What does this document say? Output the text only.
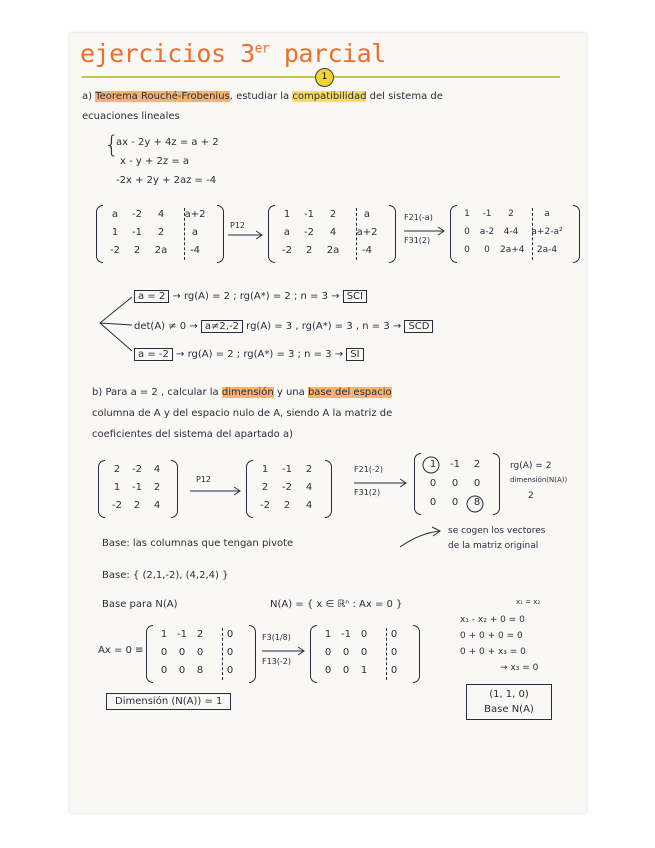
ejercicios 3er parcial
1
a) Teorema Rouché-Frobenius, estudiar la compatibilidad del sistema de
ecuaciones lineales
{
ax - 2y + 4z = a + 2
x - y + 2z = a
-2x + 2y + 2az = -4
a	-2	4	a+2
1	-1	2	a
-2	2	2a	-4
P12
1	-1	2	a
a	-2	4	a+2
-2	2	2a	-4
F21(-a)
F31(2)
1	-1	2	a
0	a-2	4-4	a+2-a²
0	0	2a+4	2a-4
a = 2 → rg(A) = 2 ; rg(A*) = 2 ; n = 3 → SCI
det(A) ≠ 0 → a≠2,-2 rg(A) = 3 , rg(A*) = 3 , n = 3 → SCD
a = -2 → rg(A) = 2 ; rg(A*) = 3 ; n = 3 → SI
b) Para a = 2 , calcular la dimensión y una base del espacio
columna de A y del espacio nulo de A, siendo A la matriz de
coeficientes del sistema del apartado a)
2	-2	4
1	-1	2
-2	2	4
P12
1	-1	2
2	-2	4
-2	2	4
F21(-2)
F31(2)
1	-1	2
0	0	0
0	0	8
rg(A) = 2
dimensión(N(A))
2
Base: las columnas que tengan pivote
se cogen los vectores
de la matriz original
Base: { (2,1,-2), (4,2,4) }
Base para N(A)	N(A) = { x ∈ ℝⁿ : Ax = 0 }	x₁ = x₂
Ax = 0 ≡
1 -1 2	0
0	0	0	0
0	0	8	0
F3(1/8)
F13(-2)
1 -1 0	0
0	0	0	0
0	0	1	0
x₁ - x₂ + 0 = 0
0 + 0 + 0 = 0
0 + 0 + x₃ = 0
→ x₃ = 0
(1, 1, 0)
Base N(A)
Dimensión (N(A)) = 1
